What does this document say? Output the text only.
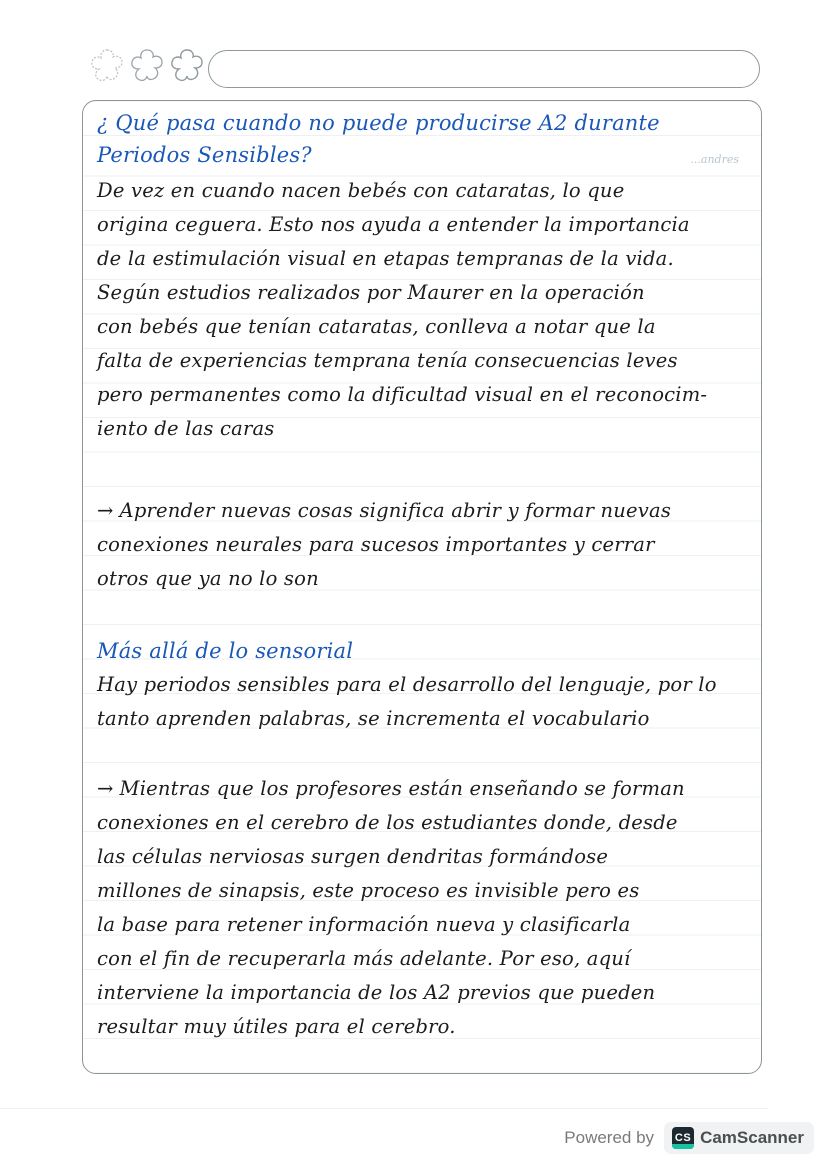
...andres
¿ Qué pasa cuando no puede producirse A2 durante
Periodos Sensibles?
De vez en cuando nacen bebés con cataratas, lo que
origina ceguera. Esto nos ayuda a entender la importancia
de la estimulación visual en etapas tempranas de la vida.
Según estudios realizados por Maurer en la operación
con bebés que tenían cataratas, conlleva a notar que la
falta de experiencias temprana tenía consecuencias leves
pero permanentes como la dificultad visual en el reconocim-
iento de las caras
→ Aprender nuevas cosas significa abrir y formar nuevas
conexiones neurales para sucesos importantes y cerrar
otros que ya no lo son
Más allá de lo sensorial
Hay periodos sensibles para el desarrollo del lenguaje, por lo
tanto aprenden palabras, se incrementa el vocabulario
→ Mientras que los profesores están enseñando se forman
conexiones en el cerebro de los estudiantes donde, desde
las células nerviosas surgen dendritas formándose
millones de sinapsis, este proceso es invisible pero es
la base para retener información nueva y clasificarla
con el fin de recuperarla más adelante. Por eso, aquí
interviene la importancia de los A2 previos que pueden
resultar muy útiles para el cerebro.
Powered by CS CamScanner
